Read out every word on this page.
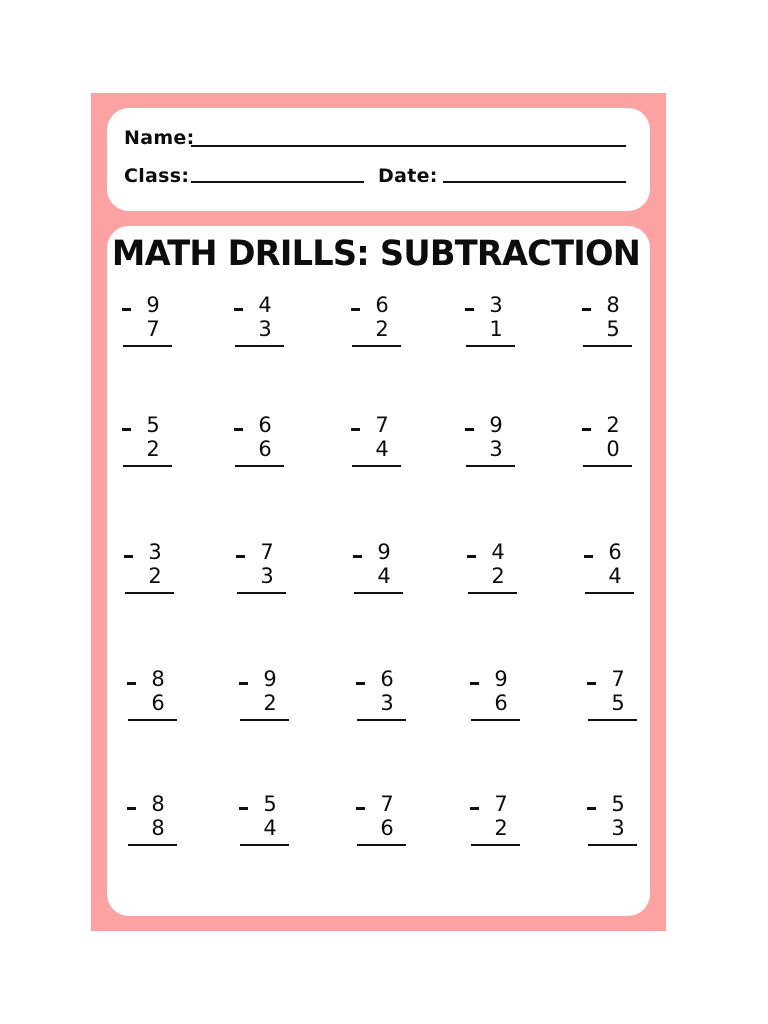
Name:
Class:	Date:
MATH DRILLS: SUBTRACTION
9
7
4
3
6
2
3
1
8
5
5
2
6
6
7
4
9
3
2
0
3
2
7
3
9
4
4
2
6
4
8
6
9
2
6
3
9
6
7
5
8
8
5
4
7
6
7
2
5
3
